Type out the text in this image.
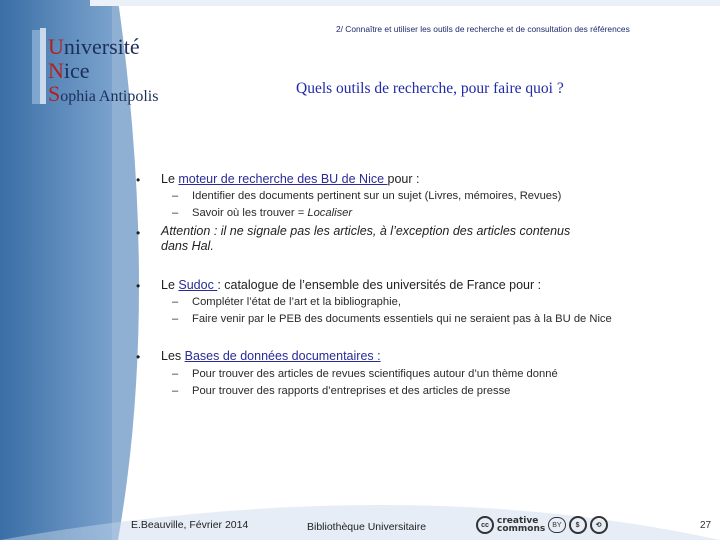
2/ Connaître et utiliser les outils de recherche et de consultation des références
Université
Nice
Sophia Antipolis	Quels outils de recherche, pour faire quoi ?
• Le moteur de recherche des BU de Nice pour :
– Identifier des documents pertinent sur un sujet (Livres, mémoires, Revues)
– Savoir où les trouver = Localiser
• Attention : il ne signale pas les articles, à l’exception des articles contenus
dans Hal.
• Le Sudoc : catalogue de l’ensemble des universités de France pour :
– Compléter l’état de l’art et la bibliographie,
– Faire venir par le PEB des documents essentiels qui ne seraient pas à la BU de Nice
• Les Bases de données documentaires :
– Pour trouver des articles de revues scientifiques autour d’un thème donné
– Pour trouver des rapports d’entreprises et des articles de presse
E.Beauville, Février 2014	Bibliothèque Universitaire	cc creative
commons	BY	$	⟲	27
